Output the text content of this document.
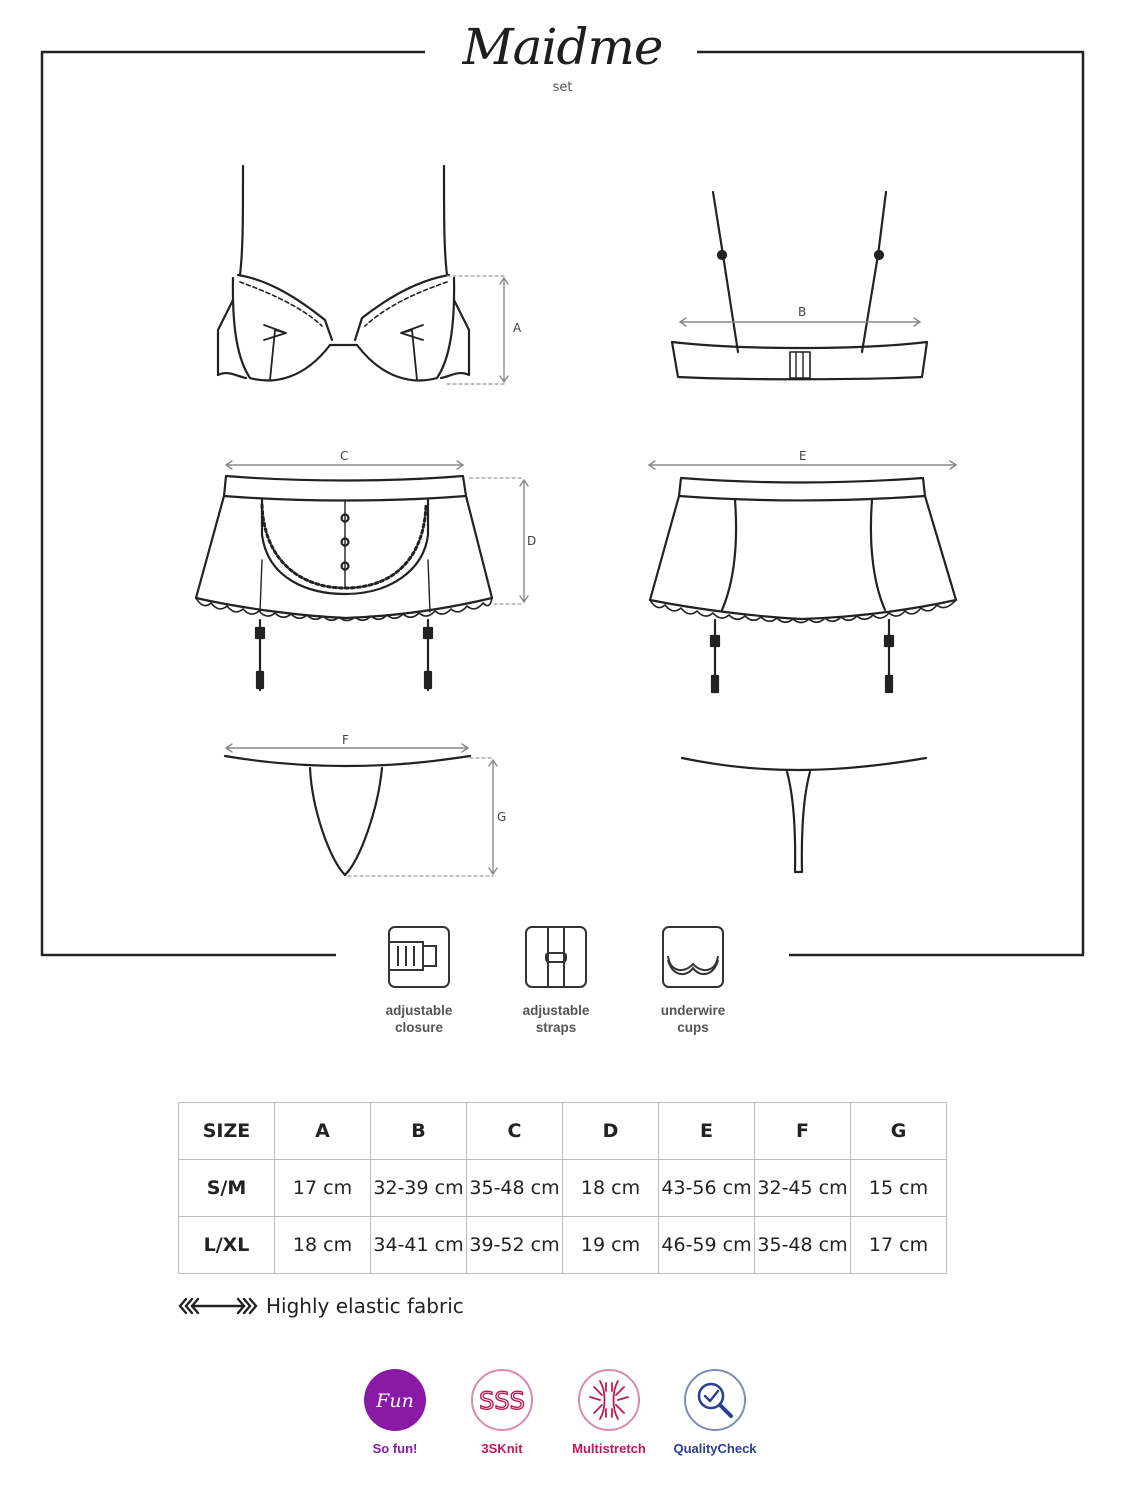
Maidme
set
A
B
C
D
E
F
G
adjustable
closure
adjustable
straps
underwire
cups
SIZE	A	B	C	D	E	F	G
S/M	17 cm	32-39 cm	35-48 cm	18 cm	43-56 cm	32-45 cm	15 cm
L/XL	18 cm	34-41 cm	39-52 cm	19 cm	46-59 cm	35-48 cm	17 cm
Highly elastic fabric
Fun
So fun!
SSS
3SKnit	Multistretch	QualityCheck
